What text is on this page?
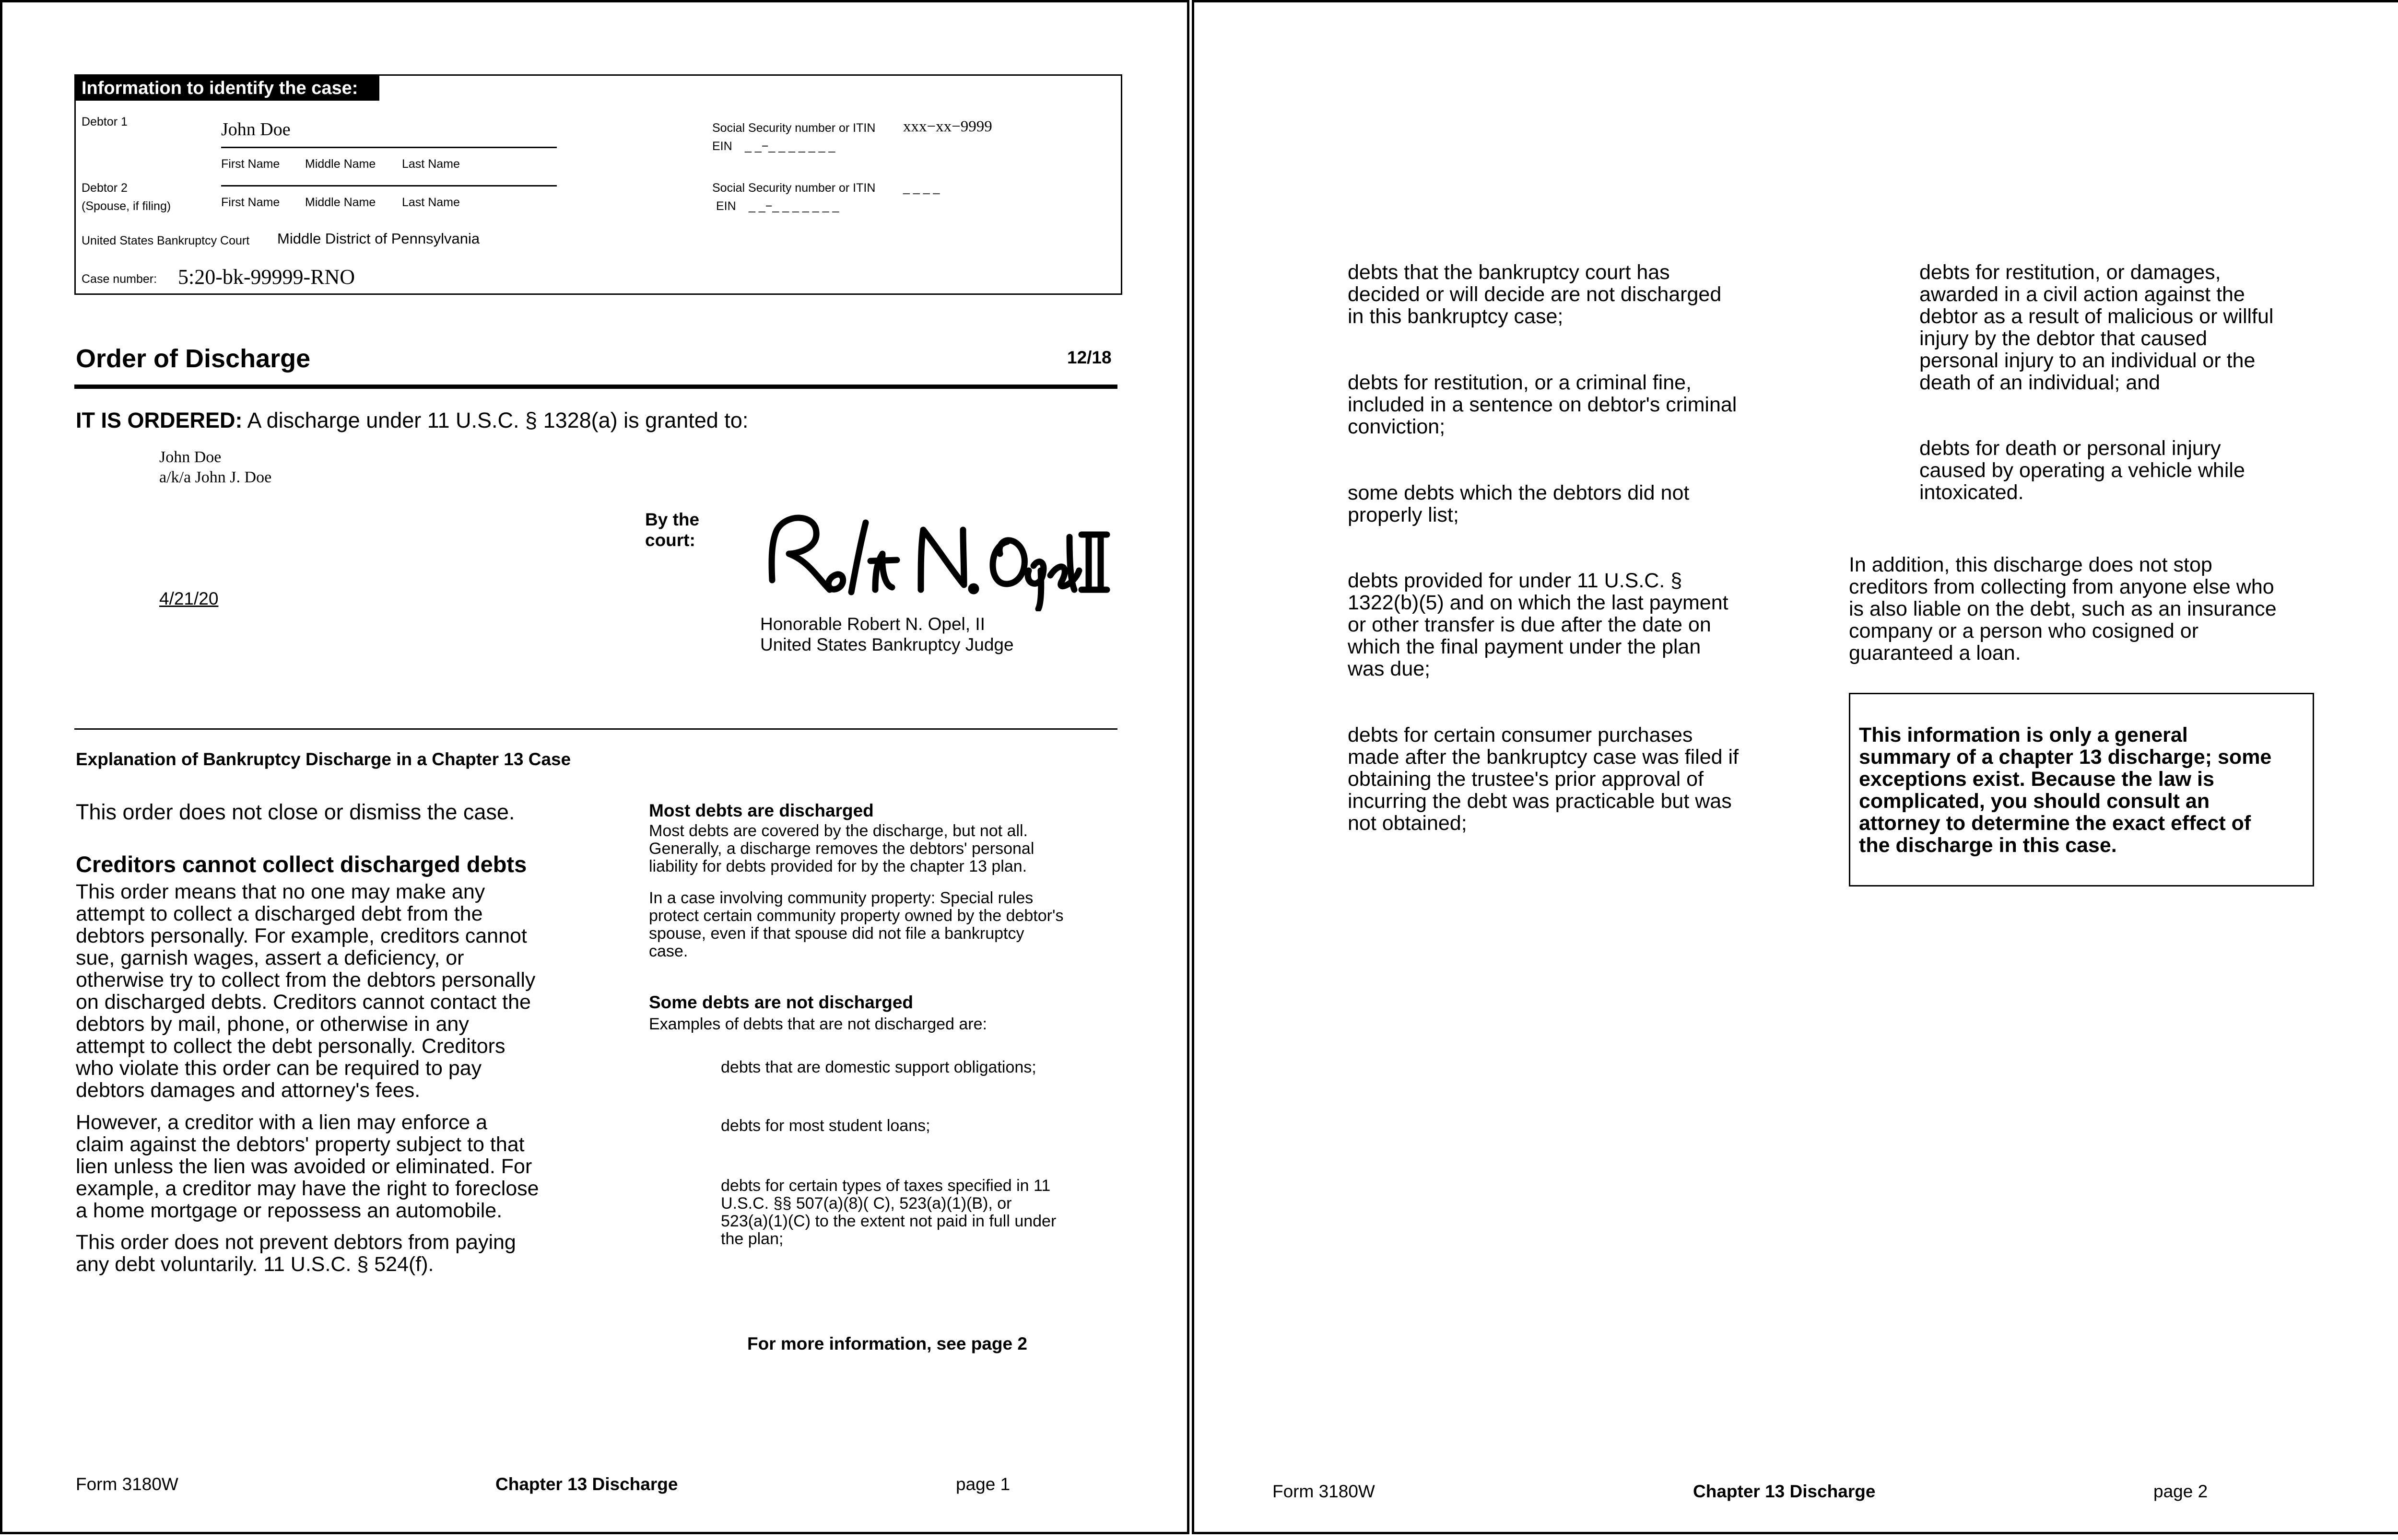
Information to identify the case:
Debtor 1	John Doe
First Name Middle Name Last Name
Debtor 2
(Spouse, if filing)	First Name Middle Name Last Name
Social Security number or ITIN xxx−xx−9999
EIN _ _−_ _ _ _ _ _ _
Social Security number or ITIN _ _ _ _
EIN _ _−_ _ _ _ _ _ _
United States Bankruptcy Court Middle District of Pennsylvania
Case number: 5:20-bk-99999-RNO
Order of Discharge	12/18
IT IS ORDERED: A discharge under 11 U.S.C. § 1328(a) is granted to:
John Doe
a/k/a John J. Doe
By the
court:
4/21/20
Honorable Robert N. Opel, II
United States Bankruptcy Judge
Explanation of Bankruptcy Discharge in a Chapter 13 Case
This order does not close or dismiss the case.
Creditors cannot collect discharged debts
This order means that no one may make any
attempt to collect a discharged debt from the
debtors personally. For example, creditors cannot
sue, garnish wages, assert a deficiency, or
otherwise try to collect from the debtors personally
on discharged debts. Creditors cannot contact the
debtors by mail, phone, or otherwise in any
attempt to collect the debt personally. Creditors
who violate this order can be required to pay
debtors damages and attorney's fees.
However, a creditor with a lien may enforce a
claim against the debtors' property subject to that
lien unless the lien was avoided or eliminated. For
example, a creditor may have the right to foreclose
a home mortgage or repossess an automobile.
This order does not prevent debtors from paying
any debt voluntarily. 11 U.S.C. § 524(f).
Most debts are discharged
Most debts are covered by the discharge, but not all.
Generally, a discharge removes the debtors' personal
liability for debts provided for by the chapter 13 plan.
In a case involving community property: Special rules
protect certain community property owned by the debtor's
spouse, even if that spouse did not file a bankruptcy
case.
Some debts are not discharged
Examples of debts that are not discharged are:
debts that are domestic support obligations;
debts for most student loans;
debts for certain types of taxes specified in 11
U.S.C. §§ 507(a)(8)( C), 523(a)(1)(B), or
523(a)(1)(C) to the extent not paid in full under
the plan;
For more information, see page 2
Form 3180W	Chapter 13 Discharge	page 1
debts that the bankruptcy court has
decided or will decide are not discharged
in this bankruptcy case;
debts for restitution, or a criminal fine,
included in a sentence on debtor's criminal
conviction;
some debts which the debtors did not
properly list;
debts provided for under 11 U.S.C. §
1322(b)(5) and on which the last payment
or other transfer is due after the date on
which the final payment under the plan
was due;
debts for certain consumer purchases
made after the bankruptcy case was filed if
obtaining the trustee's prior approval of
incurring the debt was practicable but was
not obtained;
debts for restitution, or damages,
awarded in a civil action against the
debtor as a result of malicious or willful
injury by the debtor that caused
personal injury to an individual or the
death of an individual; and
debts for death or personal injury
caused by operating a vehicle while
intoxicated.
In addition, this discharge does not stop
creditors from collecting from anyone else who
is also liable on the debt, such as an insurance
company or a person who cosigned or
guaranteed a loan.
This information is only a general
summary of a chapter 13 discharge; some
exceptions exist. Because the law is
complicated, you should consult an
attorney to determine the exact effect of
the discharge in this case.
Form 3180W	Chapter 13 Discharge	page 2
